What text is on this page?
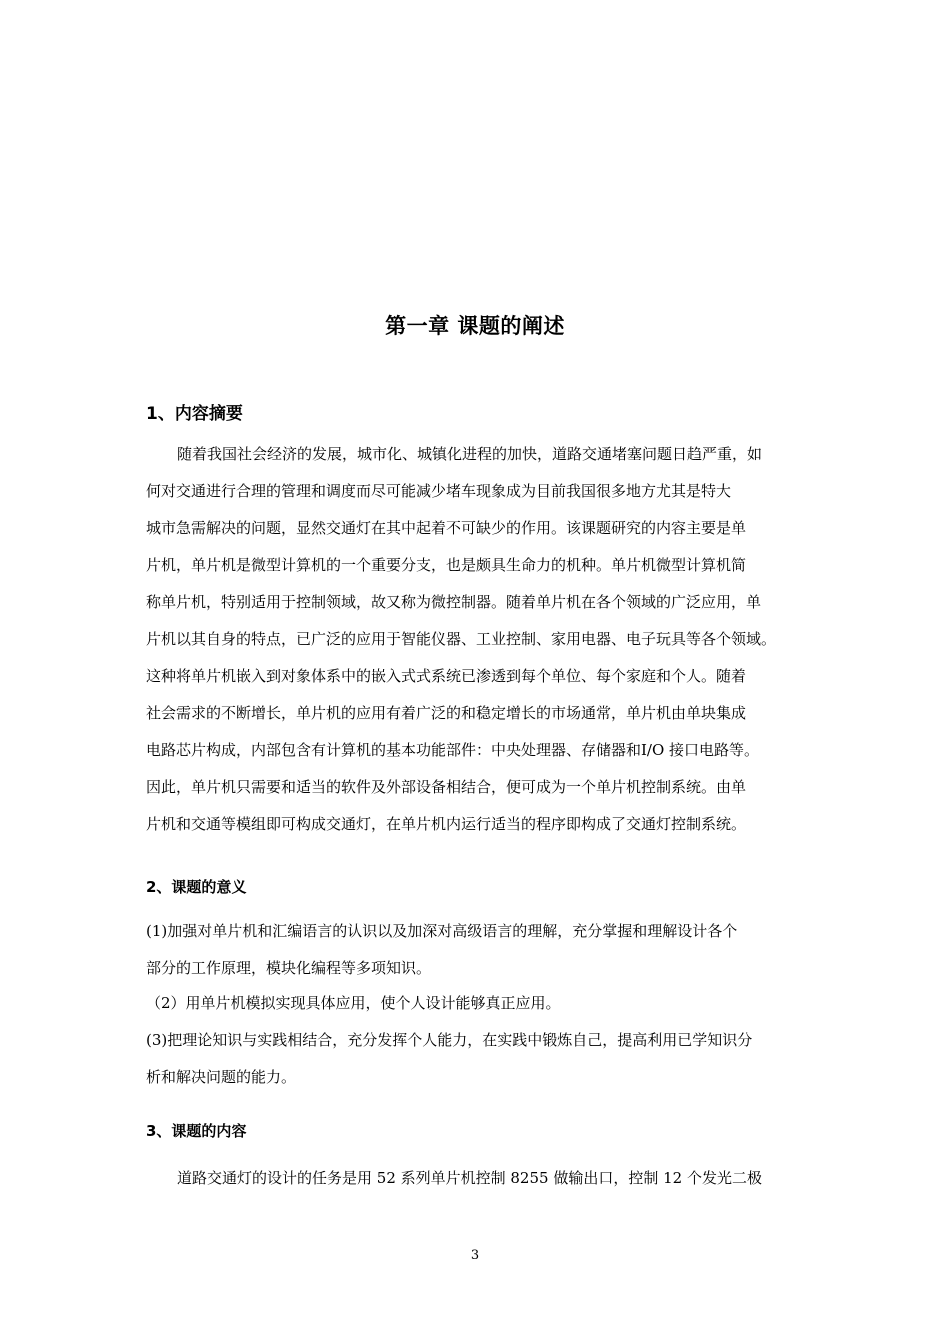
第一章 课题的阐述
1、内容摘要
随着我国社会经济的发展，城市化、城镇化进程的加快，道路交通堵塞问题日趋严重，如
何对交通进行合理的管理和调度而尽可能减少堵车现象成为目前我国很多地方尤其是特大
城市急需解决的问题，显然交通灯在其中起着不可缺少的作用。该课题研究的内容主要是单
片机，单片机是微型计算机的一个重要分支，也是颇具生命力的机种。单片机微型计算机简
称单片机，特别适用于控制领域，故又称为微控制器。随着单片机在各个领域的广泛应用，单
片机以其自身的特点，已广泛的应用于智能仪器、工业控制、家用电器、电子玩具等各个领域。
这种将单片机嵌入到对象体系中的嵌入式式系统已渗透到每个单位、每个家庭和个人。随着
社会需求的不断增长，单片机的应用有着广泛的和稳定增长的市场通常，单片机由单块集成
电路芯片构成，内部包含有计算机的基本功能部件：中央处理器、存储器和I/O 接口电路等。
因此，单片机只需要和适当的软件及外部设备相结合，便可成为一个单片机控制系统。由单
片机和交通等模组即可构成交通灯，在单片机内运行适当的程序即构成了交通灯控制系统。
2、课题的意义
(1)加强对单片机和汇编语言的认识以及加深对高级语言的理解，充分掌握和理解设计各个
部分的工作原理，模块化编程等多项知识。
（2）用单片机模拟实现具体应用，使个人设计能够真正应用。
(3)把理论知识与实践相结合，充分发挥个人能力，在实践中锻炼自己，提高利用已学知识分
析和解决问题的能力。
3、课题的内容
道路交通灯的设计的任务是用 52 系列单片机控制 8255 做输出口，控制 12 个发光二极
3
